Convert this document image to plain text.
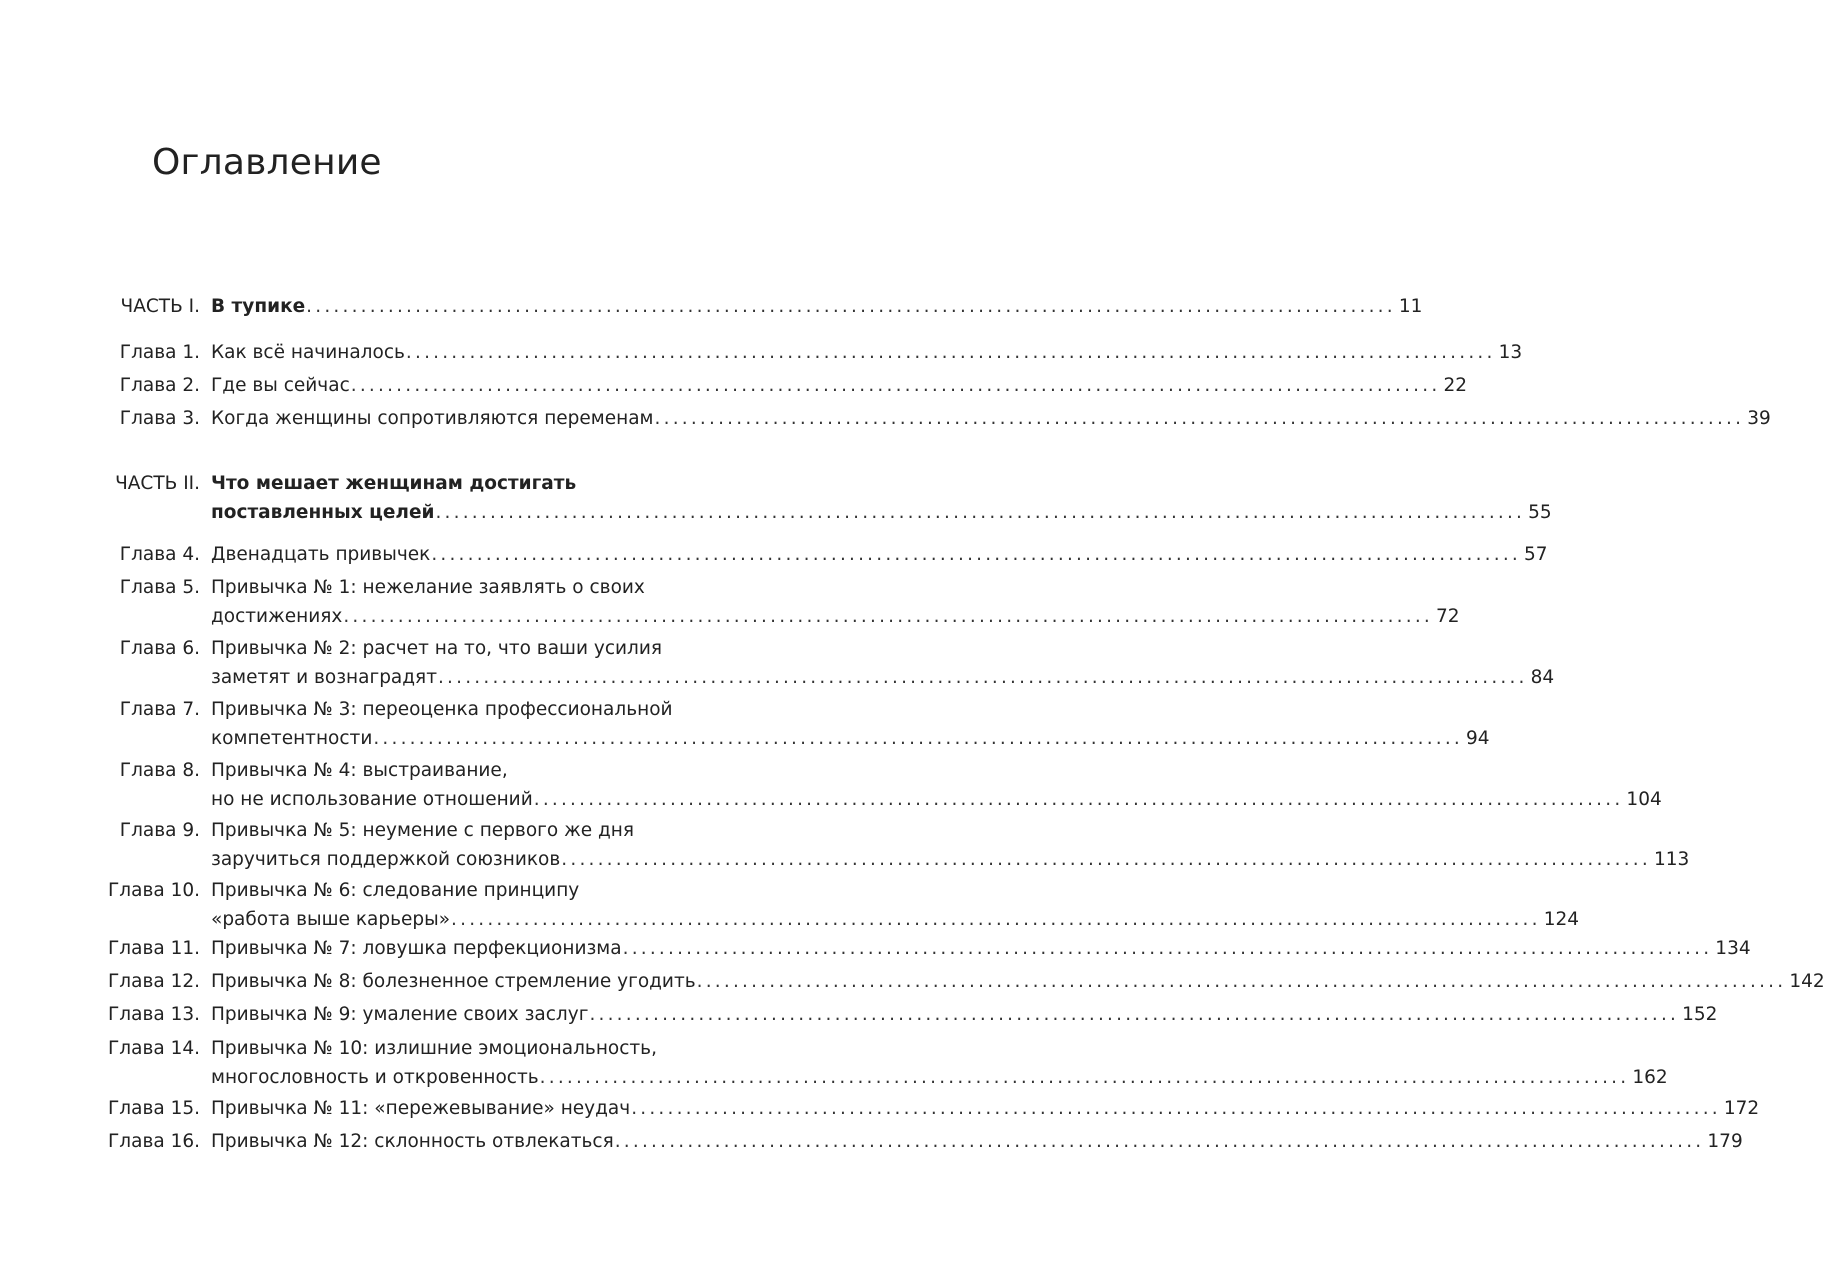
Оглавление
ЧАСТЬ I. В тупике ........................................................................................................................ 11
Глава 1. Как всё начиналось ........................................................................................................................ 13
Глава 2. Где вы сейчас ........................................................................................................................ 22
Глава 3. Когда женщины сопротивляются переменам ........................................................................................................................ 39
ЧАСТЬ II. Что мешает женщинам достигать
поставленных целей ........................................................................................................................ 55
Глава 4. Двенадцать привычек ........................................................................................................................ 57
Глава 5. Привычка № 1: нежелание заявлять о своих
достижениях ........................................................................................................................ 72
Глава 6. Привычка № 2: расчет на то, что ваши усилия
заметят и вознаградят ........................................................................................................................ 84
Глава 7. Привычка № 3: переоценка профессиональной
компетентности ........................................................................................................................ 94
Глава 8. Привычка № 4: выстраивание,
но не использование отношений ........................................................................................................................ 104
Глава 9. Привычка № 5: неумение с первого же дня
заручиться поддержкой союзников ........................................................................................................................ 113
Глава 10. Привычка № 6: следование принципу
«работа выше карьеры» ........................................................................................................................ 124
Глава 11. Привычка № 7: ловушка перфекционизма ........................................................................................................................ 134
Глава 12. Привычка № 8: болезненное стремление угодить ........................................................................................................................ 142
Глава 13. Привычка № 9: умаление своих заслуг ........................................................................................................................ 152
Глава 14. Привычка № 10: излишние эмоциональность,
многословность и откровенность ........................................................................................................................ 162
Глава 15. Привычка № 11: «пережевывание» неудач ........................................................................................................................ 172
Глава 16. Привычка № 12: склонность отвлекаться ........................................................................................................................ 179
